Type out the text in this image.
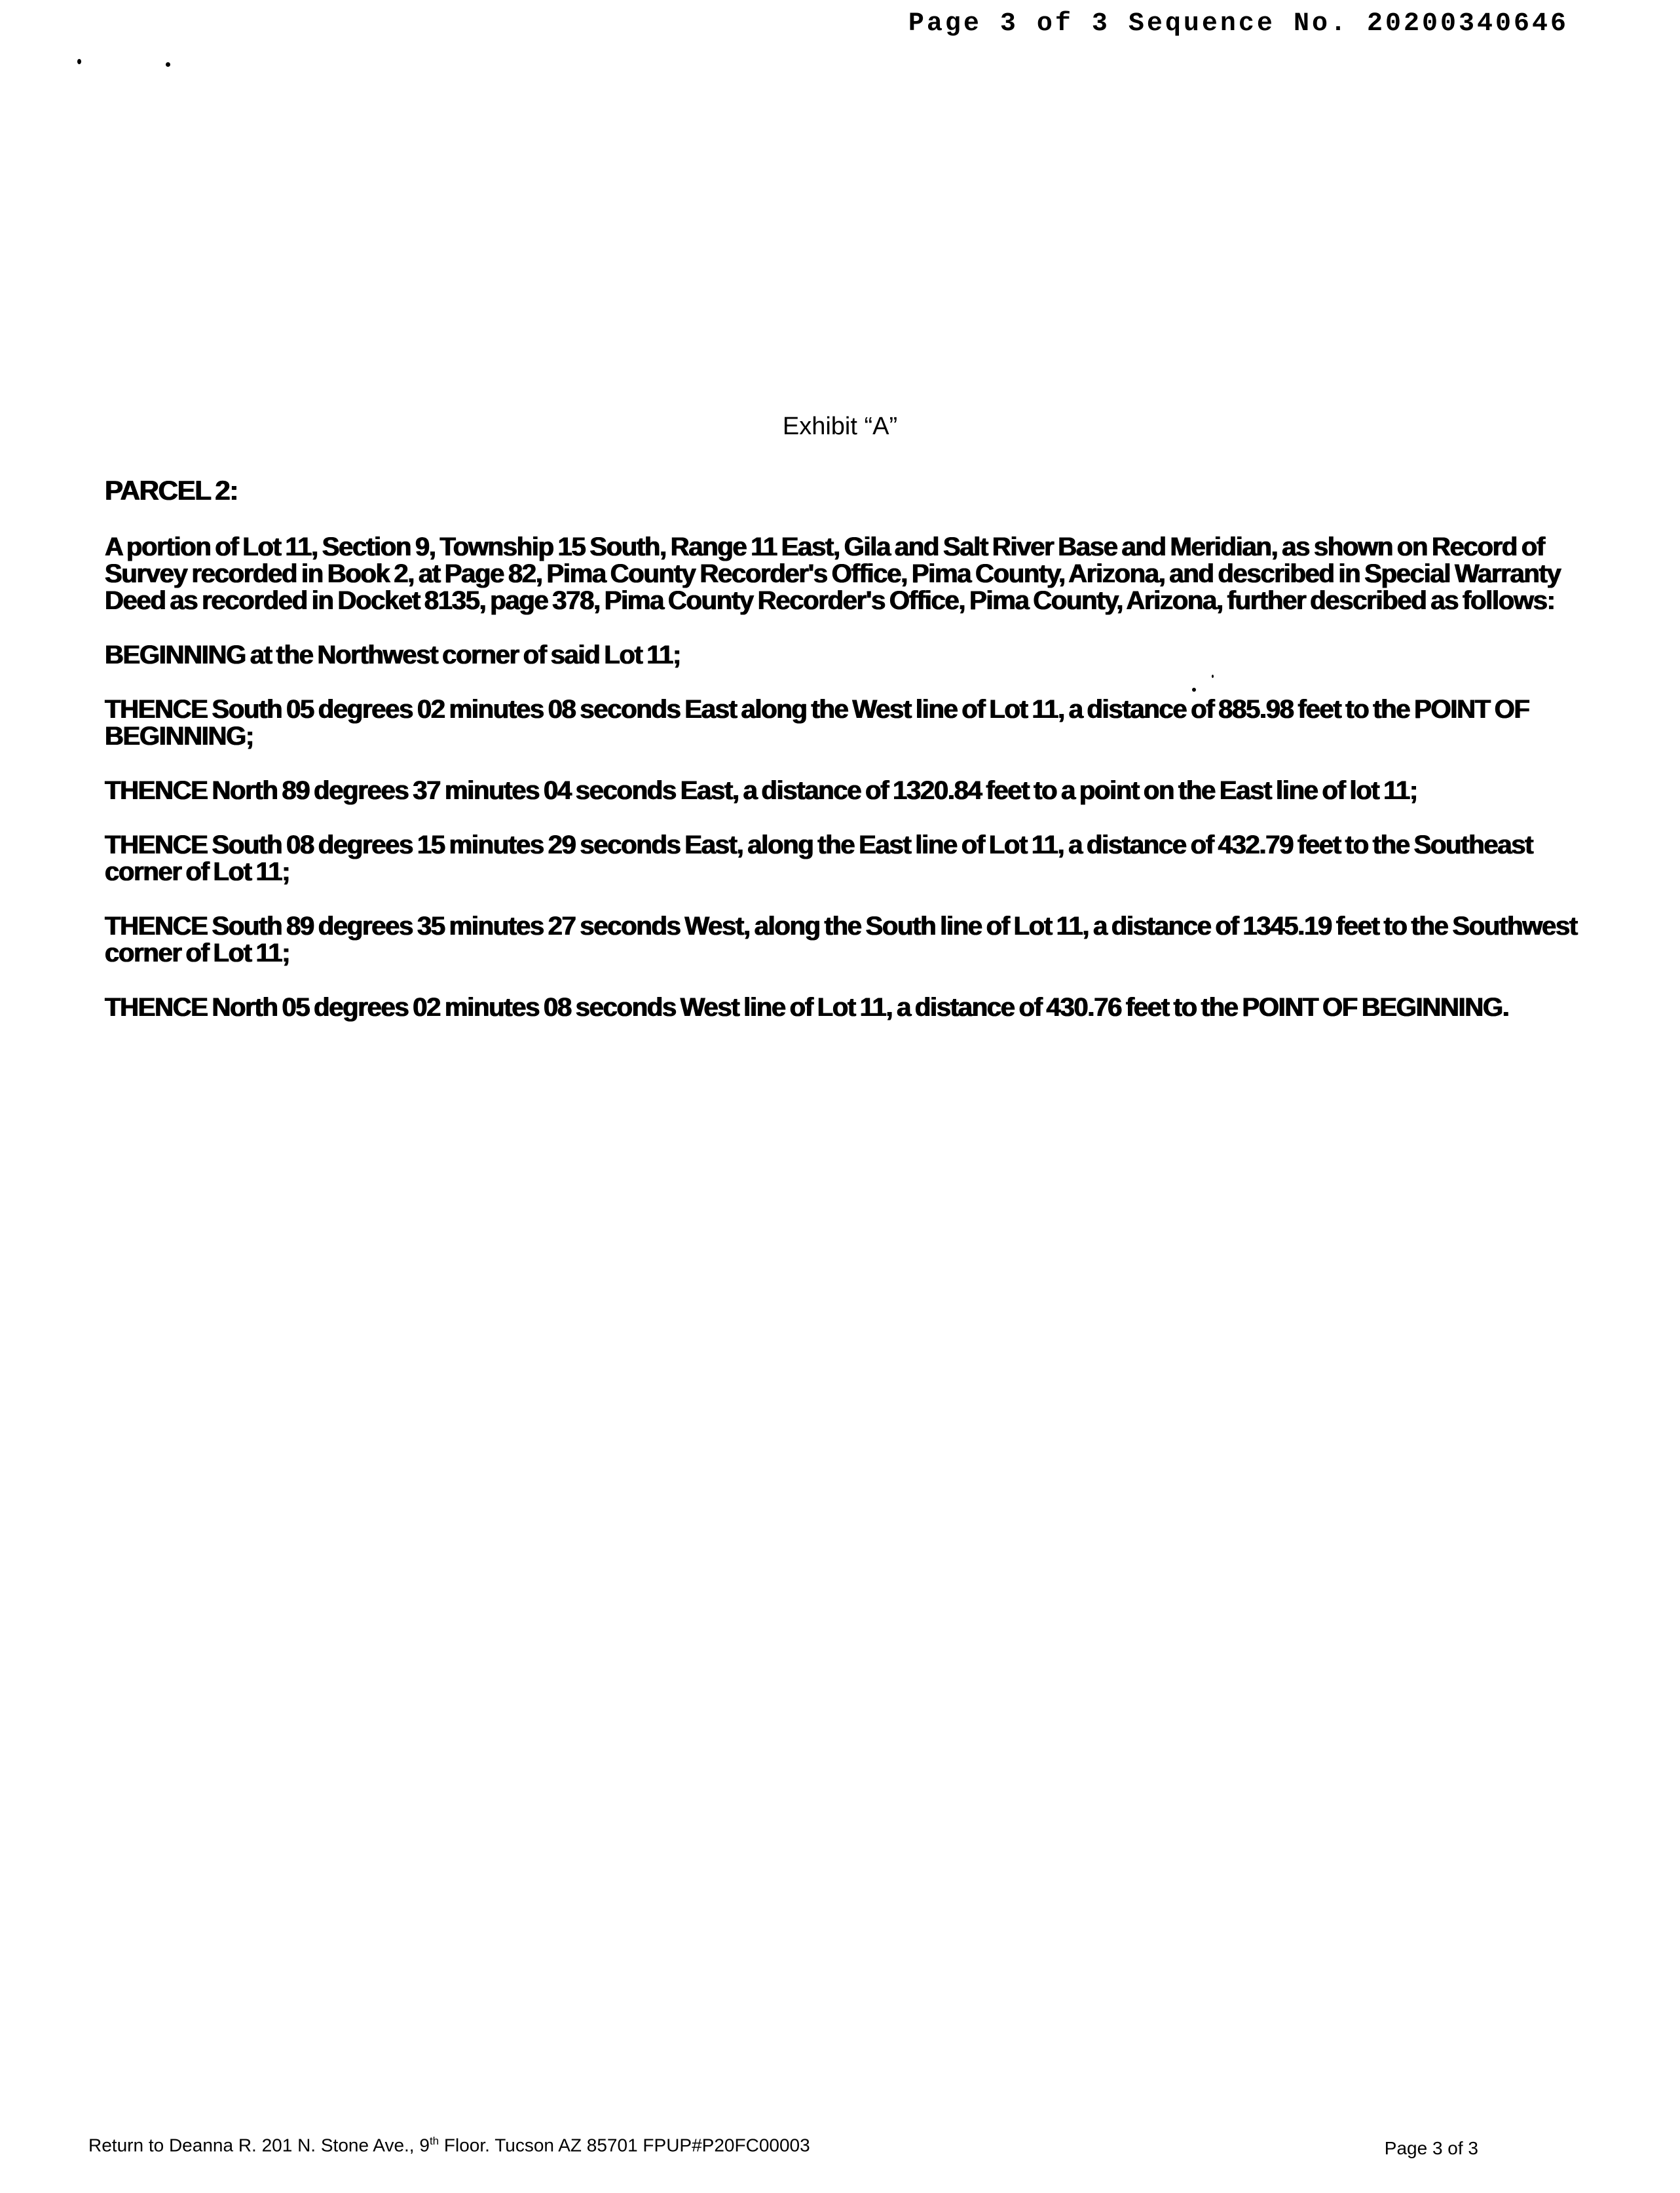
Page 3 of 3 Sequence No. 20200340646
Exhibit “A”

PARCEL 2:

A portion of Lot 11, Section 9, Township 15 South, Range 11 East, Gila and Salt River Base and Meridian, as shown on Record of Survey recorded in Book 2, at Page 82, Pima County Recorder's Office, Pima County, Arizona, and described in Special Warranty Deed as recorded in Docket 8135, page 378, Pima County Recorder's Office, Pima County, Arizona, further described as follows:

BEGINNING at the Northwest corner of said Lot 11;

THENCE South 05 degrees 02 minutes 08 seconds East along the West line of Lot 11, a distance of 885.98 feet to the POINT OF BEGINNING;

THENCE North 89 degrees 37 minutes 04 seconds East, a distance of 1320.84 feet to a point on the East line of lot 11;

THENCE South 08 degrees 15 minutes 29 seconds East, along the East line of Lot 11, a distance of 432.79 feet to the Southeast corner of Lot 11;

THENCE South 89 degrees 35 minutes 27 seconds West, along the South line of Lot 11, a distance of 1345.19 feet to the Southwest corner of Lot 11;

THENCE North 05 degrees 02 minutes 08 seconds West line of Lot 11, a distance of 430.76 feet to the POINT OF BEGINNING.

Return to Deanna R. 201 N. Stone Ave., 9th Floor. Tucson AZ 85701 FPUP#P20FC00003	Page 3 of 3
